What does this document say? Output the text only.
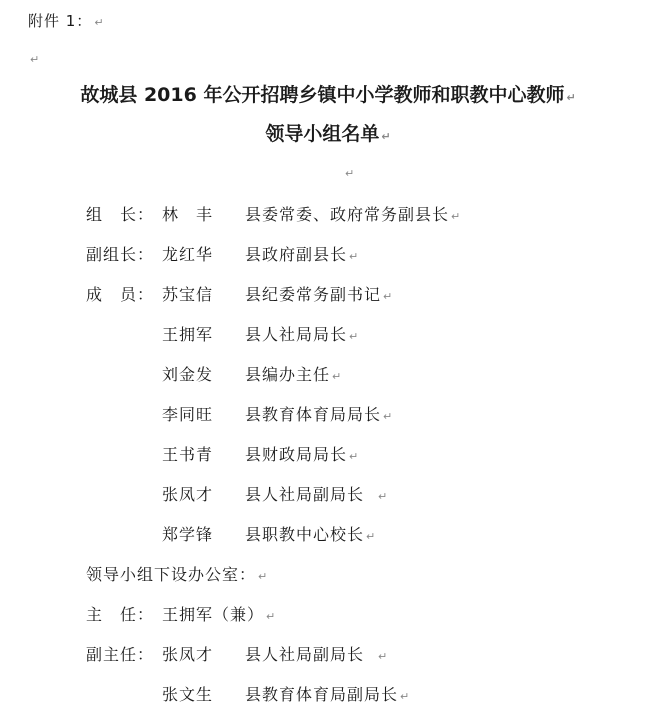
附件 1： ↵
↵
故城县 2016 年公开招聘乡镇中小学教师和职教中心教师 ↵
领导小组名单 ↵
↵
组　长： 林　丰 县委常委、政府常务副县长 ↵
副组长： 龙红华 县政府副县长 ↵
成　员： 苏宝信 县纪委常务副书记 ↵
王拥军 县人社局局长 ↵
刘金发 县编办主任 ↵
李同旺 县教育体育局局长 ↵
王书青 县财政局局长 ↵
张凤才 县人社局副局长 ↵
郑学锋 县职教中心校长 ↵
领导小组下设办公室： ↵
主　任： 王拥军（兼） ↵
副主任： 张凤才 县人社局副局长 ↵
张文生 县教育体育局副局长 ↵
